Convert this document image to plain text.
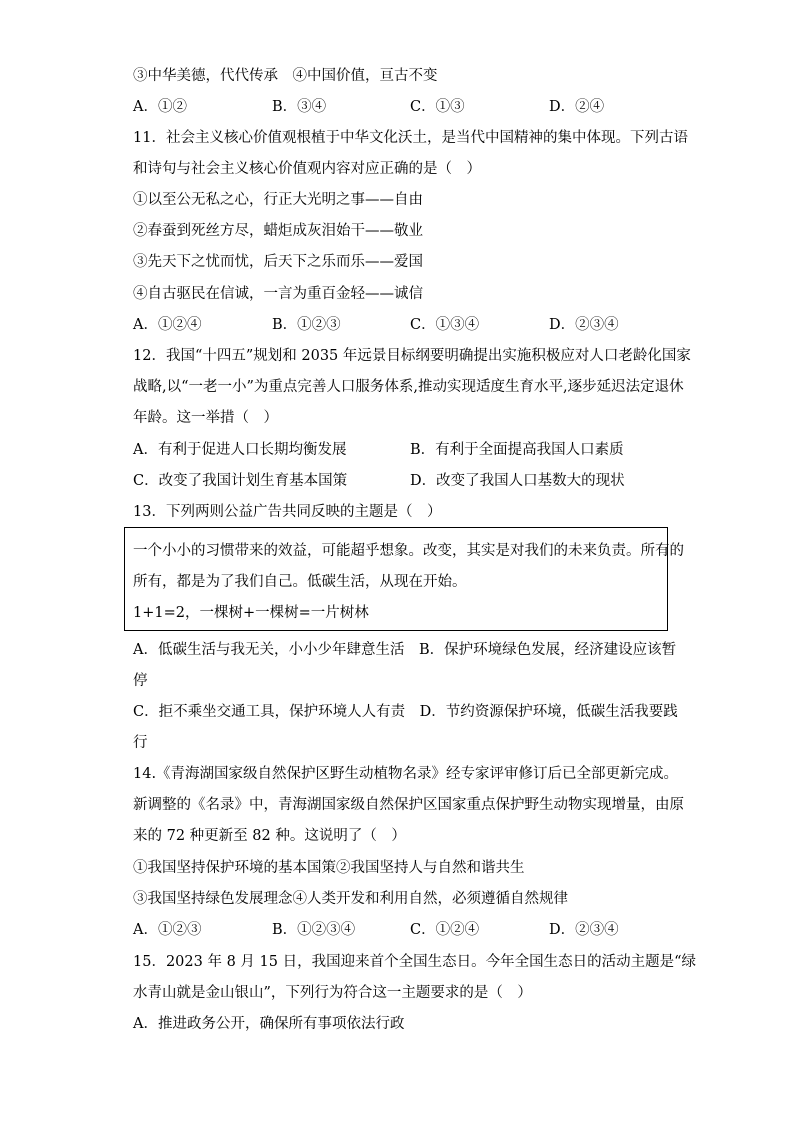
③中华美德，代代传承　④中国价值，亘古不变
A．①②	B．③④	C．①③	D．②④
11．社会主义核心价值观根植于中华文化沃土，是当代中国精神的集中体现。下列古语
和诗句与社会主义核心价值观内容对应正确的是（　）
①以至公无私之心，行正大光明之事——自由
②春蚕到死丝方尽，蜡炬成灰泪始干——敬业
③先天下之忧而忧，后天下之乐而乐——爱国
④自古驱民在信诚，一言为重百金轻——诚信
A．①②④	B．①②③	C．①③④	D．②③④
12．我国“十四五”规划和 2035 年远景目标纲要明确提出实施积极应对人口老龄化国家
战略,以“一老一小”为重点完善人口服务体系,推动实现适度生育水平,逐步延迟法定退休
年龄。这一举措（　）
A．有利于促进人口长期均衡发展	B．有利于全面提高我国人口素质
C．改变了我国计划生育基本国策	D．改变了我国人口基数大的现状
13．下列两则公益广告共同反映的主题是（　）
一个小小的习惯带来的效益，可能超乎想象。改变，其实是对我们的未来负责。所有的
所有，都是为了我们自己。低碳生活，从现在开始。
1+1=2，一棵树+一棵树=一片树林
A．低碳生活与我无关，小小少年肆意生活　B．保护环境绿色发展，经济建设应该暂
停
C．拒不乘坐交通工具，保护环境人人有责　D．节约资源保护环境，低碳生活我要践
行
14.《青海湖国家级自然保护区野生动植物名录》经专家评审修订后已全部更新完成。
新调整的《名录》中，青海湖国家级自然保护区国家重点保护野生动物实现增量，由原
来的 72 种更新至 82 种。这说明了（　）
①我国坚持保护环境的基本国策②我国坚持人与自然和谐共生
③我国坚持绿色发展理念④人类开发和利用自然，必须遵循自然规律
A．①②③	B．①②③④	C．①②④	D．②③④
15．2023 年 8 月 15 日，我国迎来首个全国生态日。今年全国生态日的活动主题是“绿
水青山就是金山银山”，下列行为符合这一主题要求的是（　）
A．推进政务公开，确保所有事项依法行政
